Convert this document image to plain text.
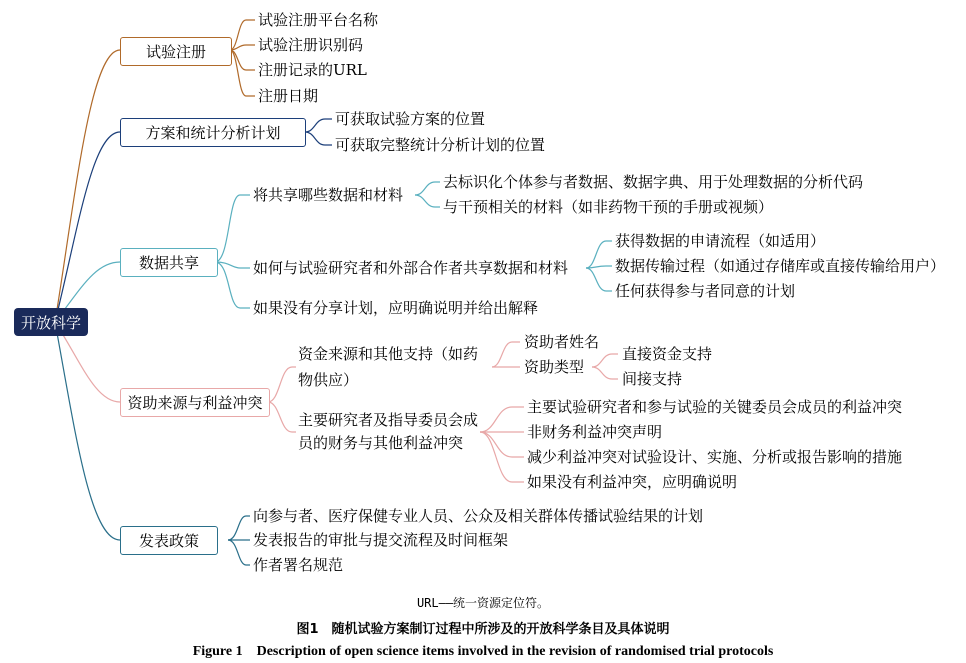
开放科学
试验注册
试验注册平台名称
试验注册识别码
注册记录的URL
注册日期
方案和统计分析计划
可获取试验方案的位置
可获取完整统计分析计划的位置
数据共享
将共享哪些数据和材料
去标识化个体参与者数据、数据字典、用于处理数据的分析代码
与干预相关的材料（如非药物干预的手册或视频）
如何与试验研究者和外部合作者共享数据和材料
获得数据的申请流程（如适用）
数据传输过程（如通过存储库或直接传输给用户）
任何获得参与者同意的计划
如果没有分享计划，应明确说明并给出解释
资助来源与利益冲突
资金来源和其他支持（如药
物供应）
资助者姓名
资助类型
直接资金支持
间接支持
主要研究者及指导委员会成
员的财务与其他利益冲突
主要试验研究者和参与试验的关键委员会成员的利益冲突
非财务利益冲突声明
减少利益冲突对试验设计、实施、分析或报告影响的措施
如果没有利益冲突，应明确说明
发表政策
向参与者、医疗保健专业人员、公众及相关群体传播试验结果的计划
发表报告的审批与提交流程及时间框架
作者署名规范
URL——统一资源定位符。
图1　随机试验方案制订过程中所涉及的开放科学条目及具体说明
Figure 1　Description of open science items involved in the revision of randomised trial protocols
